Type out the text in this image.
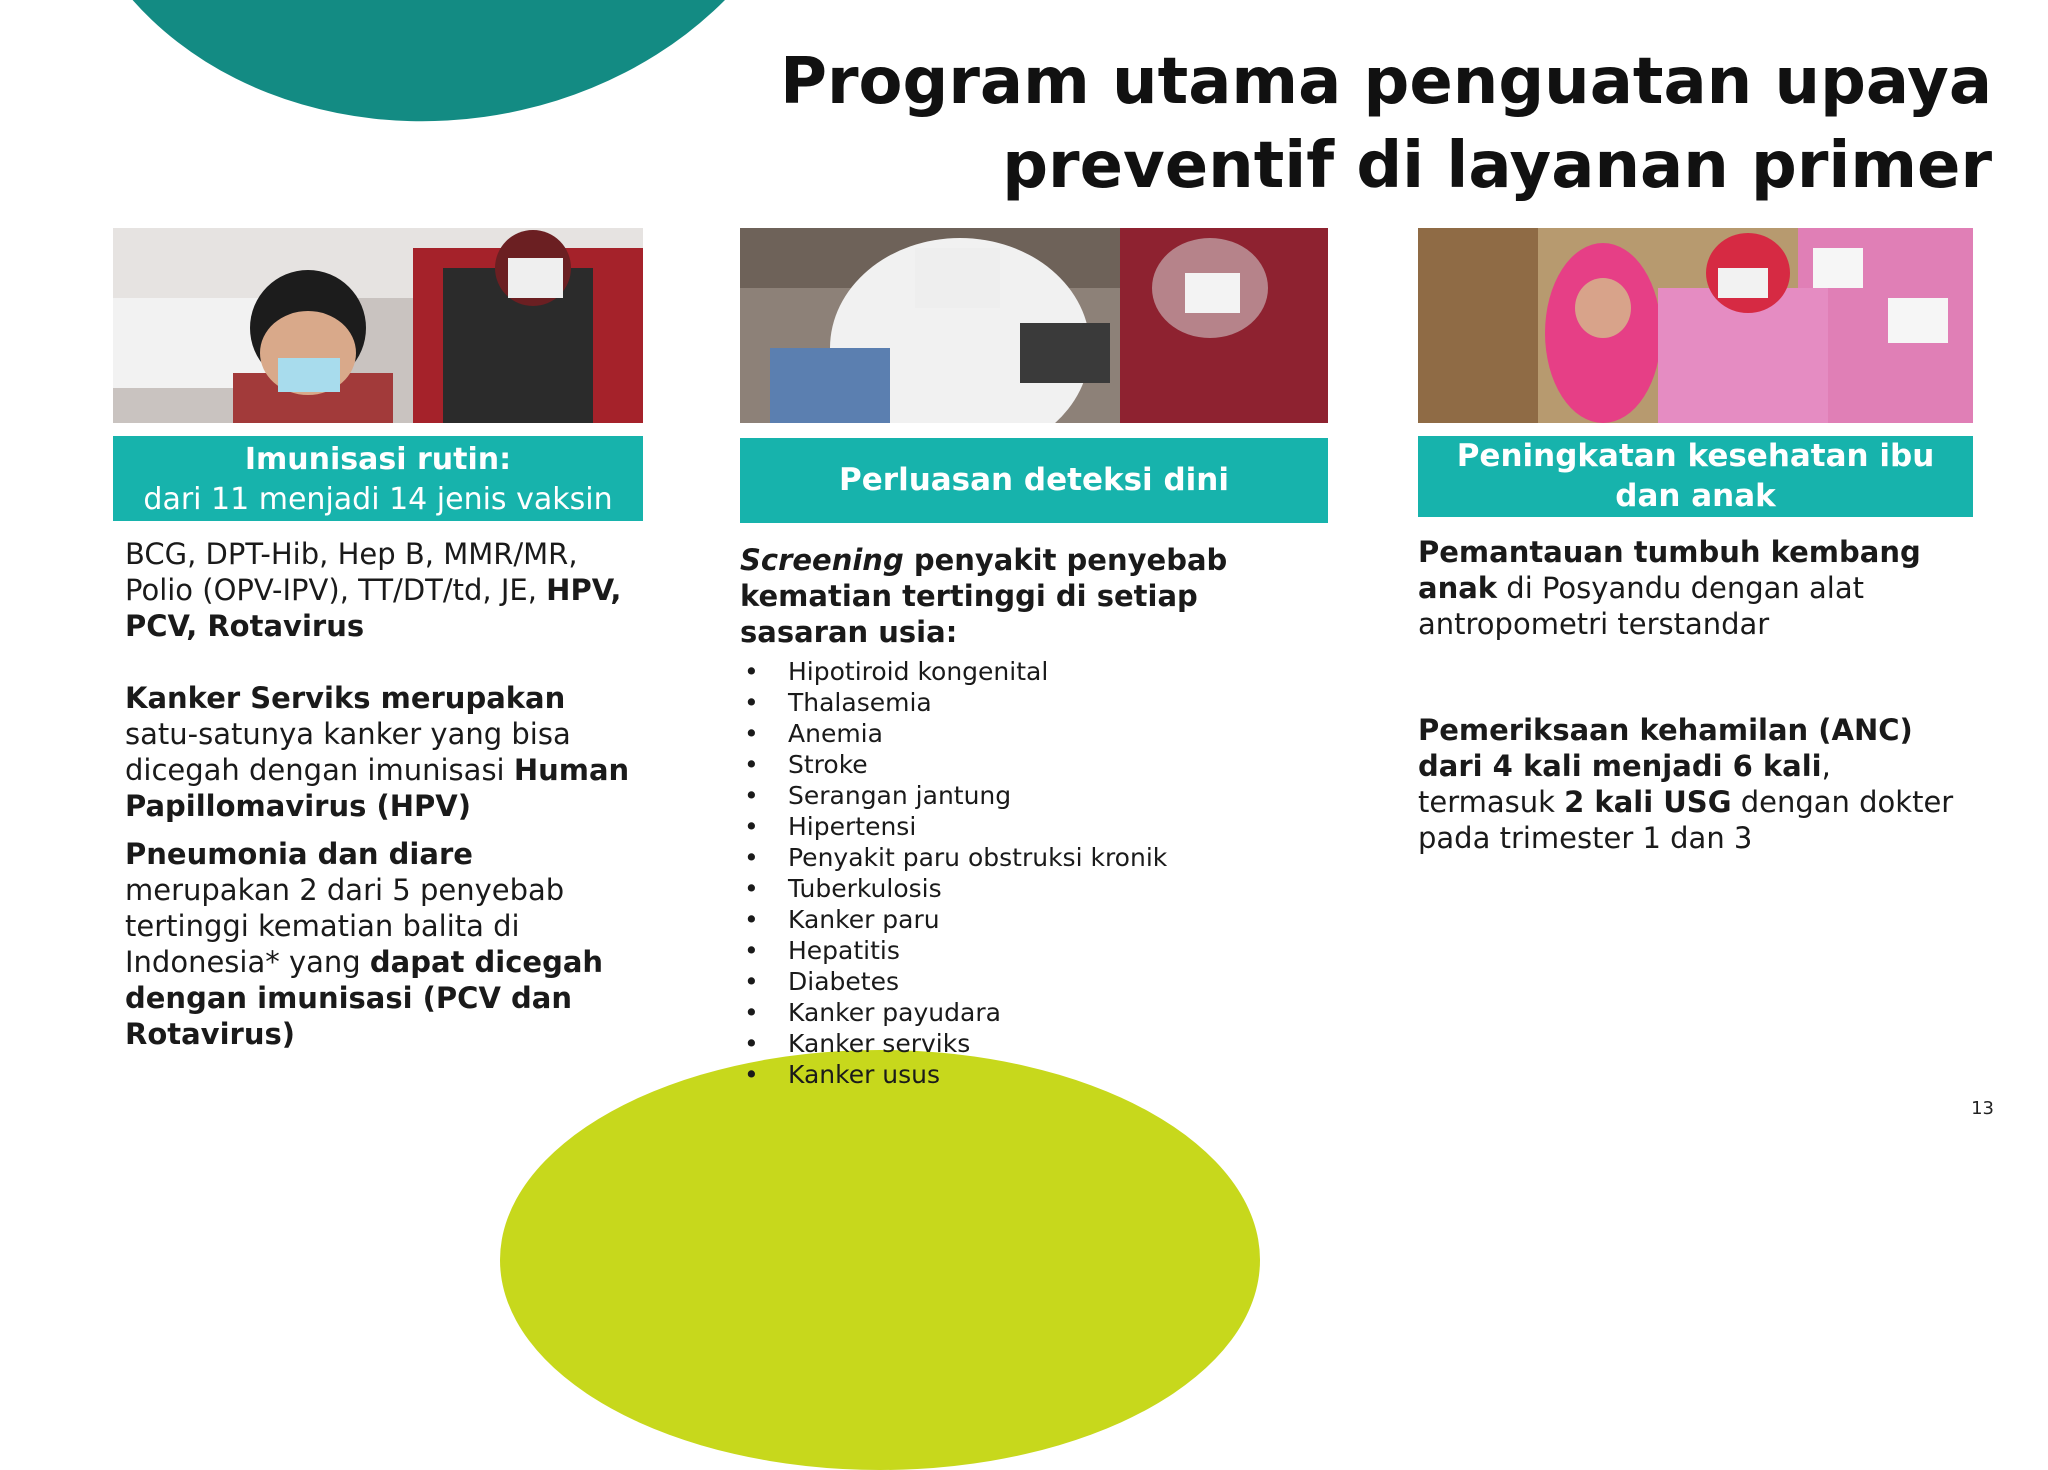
Program utama penguatan upaya
preventif di layanan primer
Imunisasi rutin:
dari 11 menjadi 14 jenis vaksin

BCG, DPT-Hib, Hep B, MMR/MR, Polio (OPV-IPV), TT/DT/td, JE, HPV, PCV, Rotavirus

Kanker Serviks merupakan satu-satunya kanker yang bisa dicegah dengan imunisasi Human Papillomavirus (HPV)

Pneumonia dan diare merupakan 2 dari 5 penyebab tertinggi kematian balita di Indonesia* yang dapat dicegah dengan imunisasi (PCV dan Rotavirus)

Perluasan deteksi dini

Screening penyakit penyebab kematian tertinggi di setiap sasaran usia:

• Hipotiroid kongenital
• Thalasemia
• Anemia
• Stroke
• Serangan jantung
• Hipertensi
• Penyakit paru obstruksi kronik
• Tuberkulosis
• Kanker paru
• Hepatitis
• Diabetes
• Kanker payudara
• Kanker serviks
• Kanker usus
Peningkatan kesehatan ibu
dan anak

Pemantauan tumbuh kembang anak di Posyandu dengan alat antropometri terstandar

Pemeriksaan kehamilan (ANC) dari 4 kali menjadi 6 kali, termasuk 2 kali USG dengan dokter pada trimester 1 dan 3

13
